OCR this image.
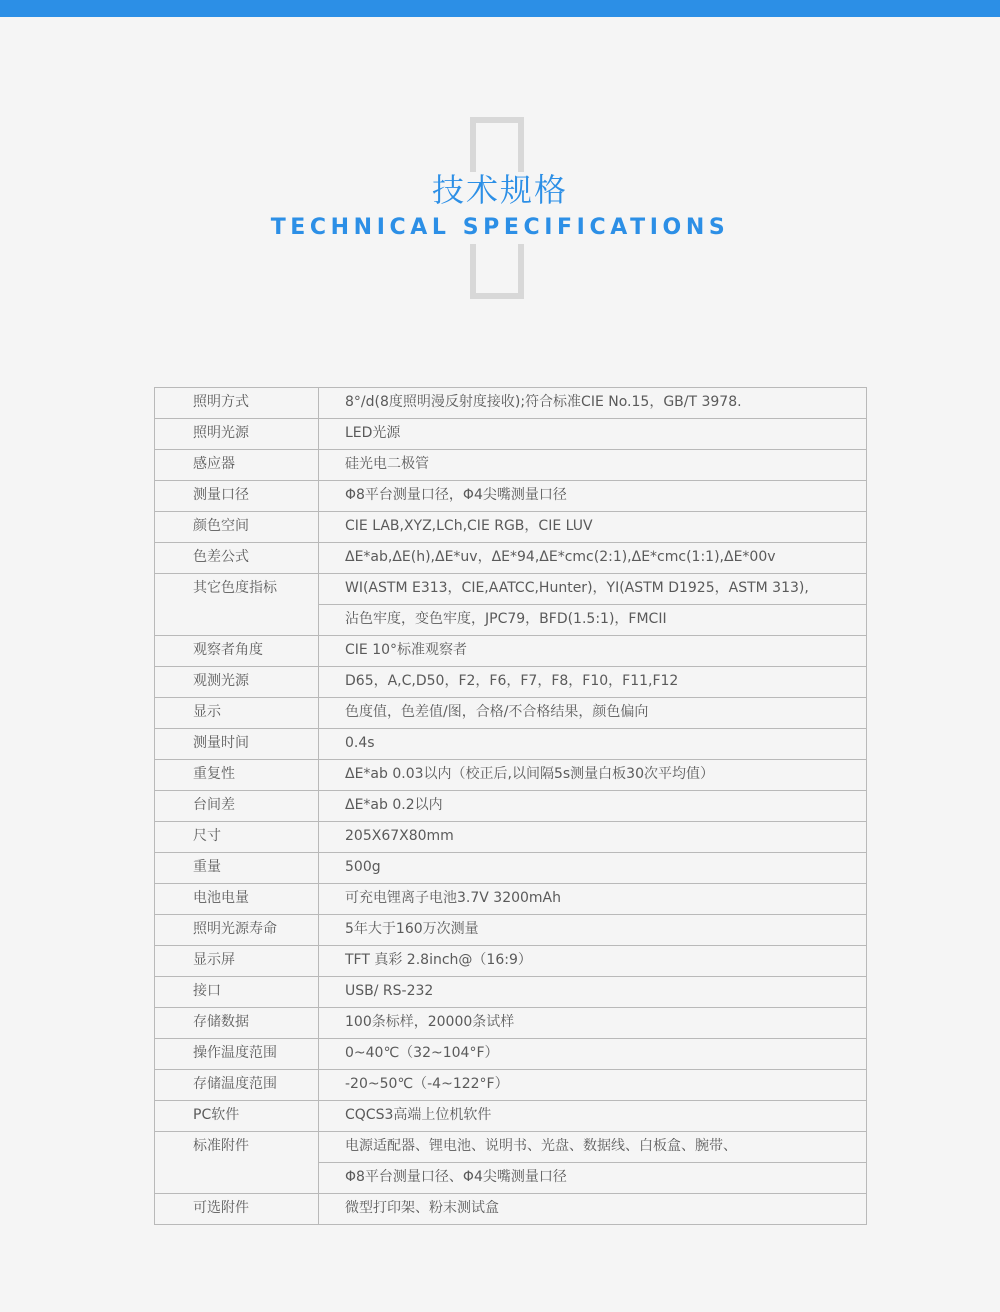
技术规格
TECHNICAL SPECIFICATIONS
照明方式	8°/d(8度照明漫反射度接收);符合标准CIE No.15，GB/T 3978.

照明光源	LED光源

感应器	硅光电二极管

测量口径	Φ8平台测量口径，Φ4尖嘴测量口径

颜色空间	CIE LAB,XYZ,LCh,CIE RGB，CIE LUV

色差公式	ΔE*ab,ΔE(h),ΔE*uv，ΔE*94,ΔE*cmc(2:1),ΔE*cmc(1:1),ΔE*00v

其它色度指标	WI(ASTM E313，CIE,AATCC,Hunter)，YI(ASTM D1925，ASTM 313),
沾色牢度，变色牢度，JPC79，BFD(1.5:1)，FMCII

观察者角度	CIE 10°标准观察者

观测光源	D65，A,C,D50，F2，F6，F7，F8，F10，F11,F12

显示	色度值，色差值/图，合格/不合格结果，颜色偏向

测量时间	0.4s

重复性	ΔE*ab 0.03以内（校正后,以间隔5s测量白板30次平均值）

台间差	ΔE*ab 0.2以内

尺寸	205X67X80mm

重量	500g

电池电量	可充电锂离子电池3.7V 3200mAh

照明光源寿命	5年大于160万次测量

显示屏	TFT 真彩 2.8inch@（16:9）

接口	USB/ RS-232

存储数据	100条标样，20000条试样

操作温度范围	0~40℃（32~104°F）

存储温度范围	-20~50℃（-4~122°F）

PC软件	CQCS3高端上位机软件

标准附件	电源适配器、锂电池、说明书、光盘、数据线、白板盒、腕带、
Φ8平台测量口径、Φ4尖嘴测量口径

可选附件	微型打印架、粉末测试盒
